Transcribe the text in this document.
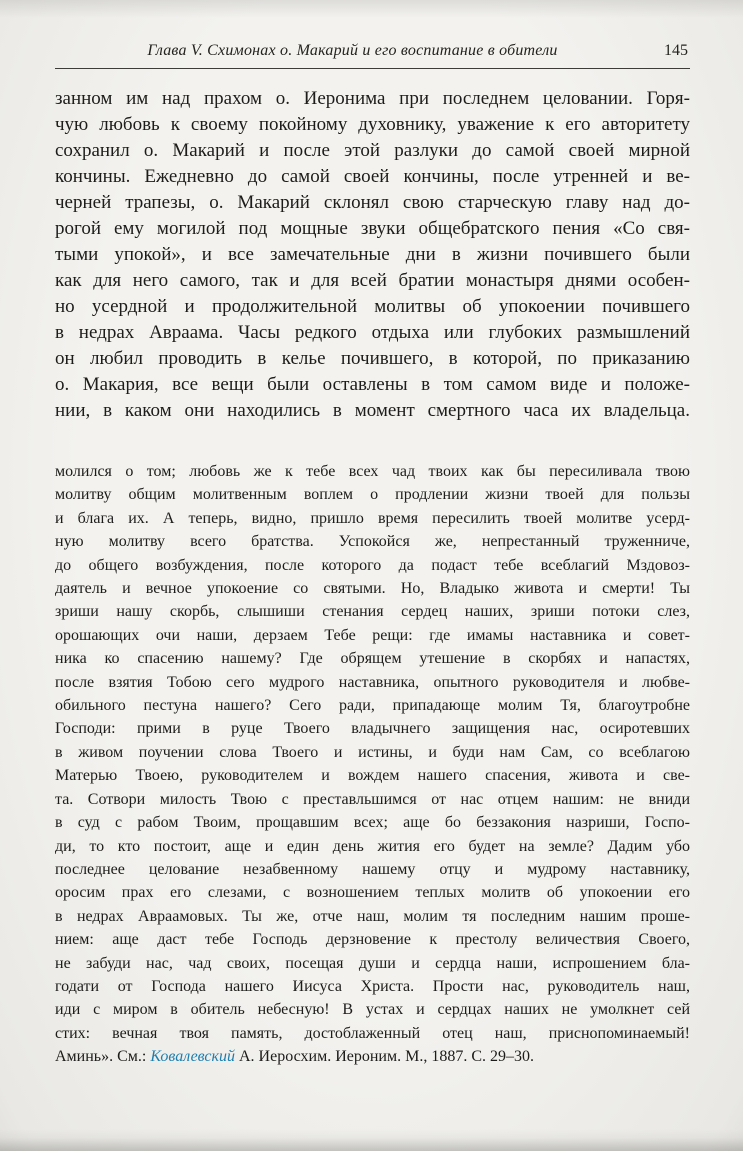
Глава V. Схимонах о. Макарий и его воспитание в обители	145
занном им над прахом о. Иеронима при последнем целовании. Горя-
чую любовь к своему покойному духовнику, уважение к его авторитету
сохранил о. Макарий и после этой разлуки до самой своей мирной
кончины. Ежедневно до самой своей кончины, после утренней и ве-
черней трапезы, о. Макарий склонял свою старческую главу над до-
рогой ему могилой под мощные звуки общебратского пения «Со свя-
тыми упокой», и все замечательные дни в жизни почившего были
как для него самого, так и для всей братии монастыря днями особен-
но усердной и продолжительной молитвы об упокоении почившего
в недрах Авраама. Часы редкого отдыха или глубоких размышлений
он любил проводить в келье почившего, в которой, по приказанию
о. Макария, все вещи были оставлены в том самом виде и положе-
нии, в каком они находились в момент смертного часа их владельца.
молился о том; любовь же к тебе всех чад твоих как бы пересиливала твою
молитву общим молитвенным воплем о продлении жизни твоей для пользы
и блага их. А теперь, видно, пришло время пересилить твоей молитве усерд-
ную молитву всего братства. Успокойся же, непрестанный труженниче,
до общего возбуждения, после которого да подаст тебе всеблагий Мздовоз-
даятель и вечное упокоение со святыми. Но, Владыко живота и смерти! Ты
зриши нашу скорбь, слышиши стенания сердец наших, зриши потоки слез,
орошающих очи наши, дерзаем Тебе рещи: где имамы наставника и совет-
ника ко спасению нашему? Где обрящем утешение в скорбях и напастях,
после взятия Тобою сего мудрого наставника, опытного руководителя и любве-
обильного пестуна нашего? Сего ради, припадающе молим Тя, благоутробне
Господи: прими в руце Твоего владычнего защищения нас, осиротевших
в живом поучении слова Твоего и истины, и буди нам Сам, со всеблагою
Матерью Твоею, руководителем и вождем нашего спасения, живота и све-
та. Сотвори милость Твою с преставльшимся от нас отцем нашим: не вниди
в суд с рабом Твоим, прощавшим всех; аще бо беззакония назриши, Госпо-
ди, то кто постоит, аще и един день жития его будет на земле? Дадим убо
последнее целование незабвенному нашему отцу и мудрому наставнику,
оросим прах его слезами, с возношением теплых молитв об упокоении его
в недрах Авраамовых. Ты же, отче наш, молим тя последним нашим проше-
нием: аще даст тебе Господь дерзновение к престолу величествия Своего,
не забуди нас, чад своих, посещая души и сердца наши, испрошением бла-
годати от Господа нашего Иисуса Христа. Прости нас, руководитель наш,
иди с миром в обитель небесную! В устах и сердцах наших не умолкнет сей
стих: вечная твоя память, достоблаженный отец наш, приснопоминаемый!
Аминь». См.: Ковалевский А. Иеросхим. Иероним. М., 1887. С. 29–30.
